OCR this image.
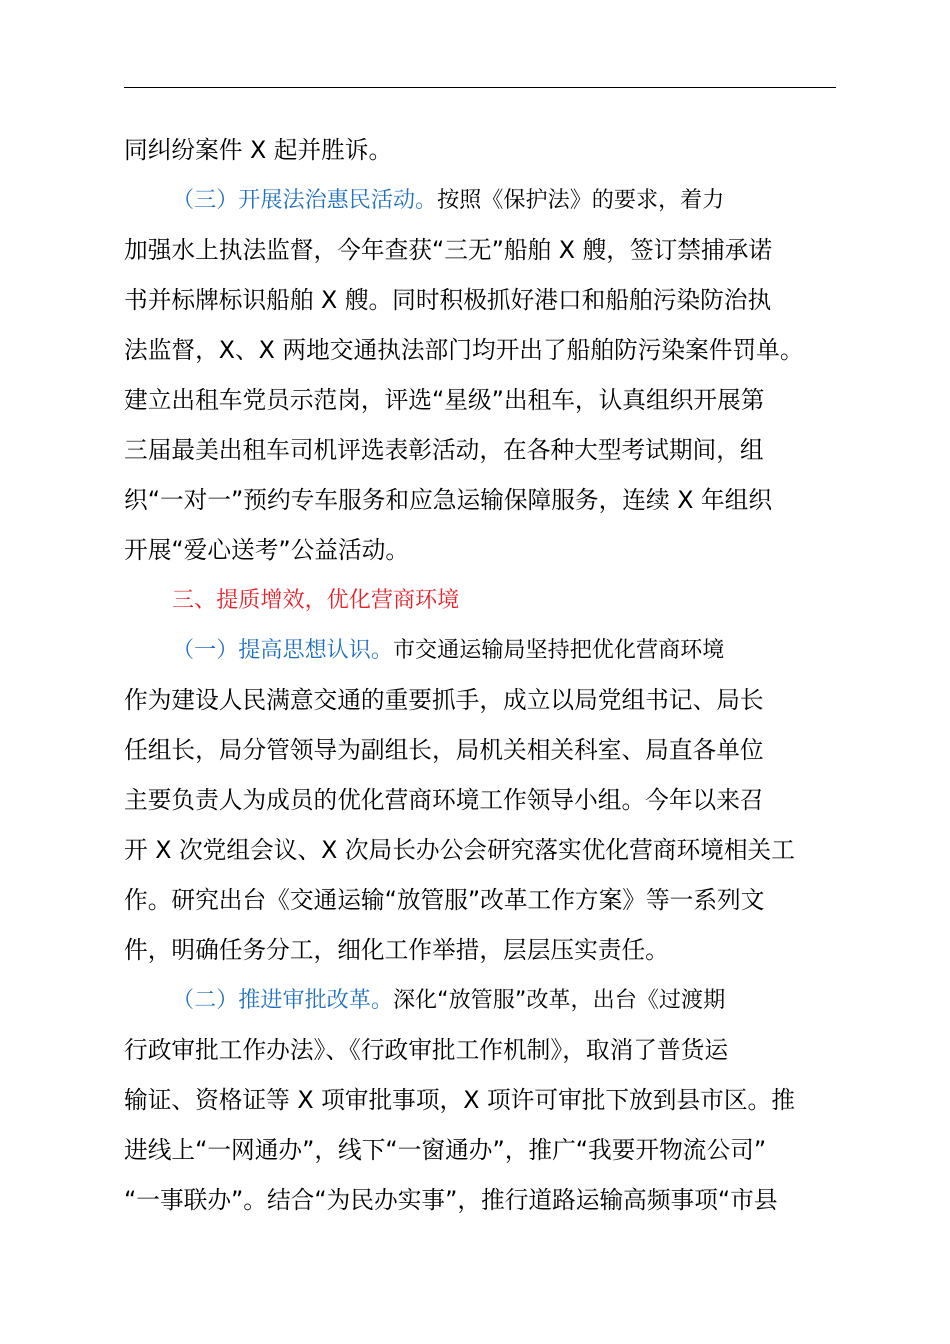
同纠纷案件 X 起并胜诉。
（三）开展法治惠民活动。按照《保护法》的要求，着力
加强水上执法监督，今年查获“三无”船舶 X 艘，签订禁捕承诺
书并标牌标识船舶 X 艘。同时积极抓好港口和船舶污染防治执
法监督，X、X 两地交通执法部门均开出了船舶防污染案件罚单。
建立出租车党员示范岗，评选“星级”出租车，认真组织开展第
三届最美出租车司机评选表彰活动，在各种大型考试期间，组
织“一对一”预约专车服务和应急运输保障服务，连续 X 年组织
开展“爱心送考”公益活动。
三、提质增效，优化营商环境
（一）提高思想认识。市交通运输局坚持把优化营商环境
作为建设人民满意交通的重要抓手，成立以局党组书记、局长
任组长，局分管领导为副组长，局机关相关科室、局直各单位
主要负责人为成员的优化营商环境工作领导小组。今年以来召
开 X 次党组会议、X 次局长办公会研究落实优化营商环境相关工
作。研究出台《交通运输“放管服”改革工作方案》等一系列文
件，明确任务分工，细化工作举措，层层压实责任。
（二）推进审批改革。深化“放管服”改革，出台《过渡期
行政审批工作办法》、《行政审批工作机制》，取消了普货运
输证、资格证等 X 项审批事项，X 项许可审批下放到县市区。推
进线上“一网通办”，线下“一窗通办”，推广“我要开物流公司”
“一事联办”。结合“为民办实事”，推行道路运输高频事项“市县
